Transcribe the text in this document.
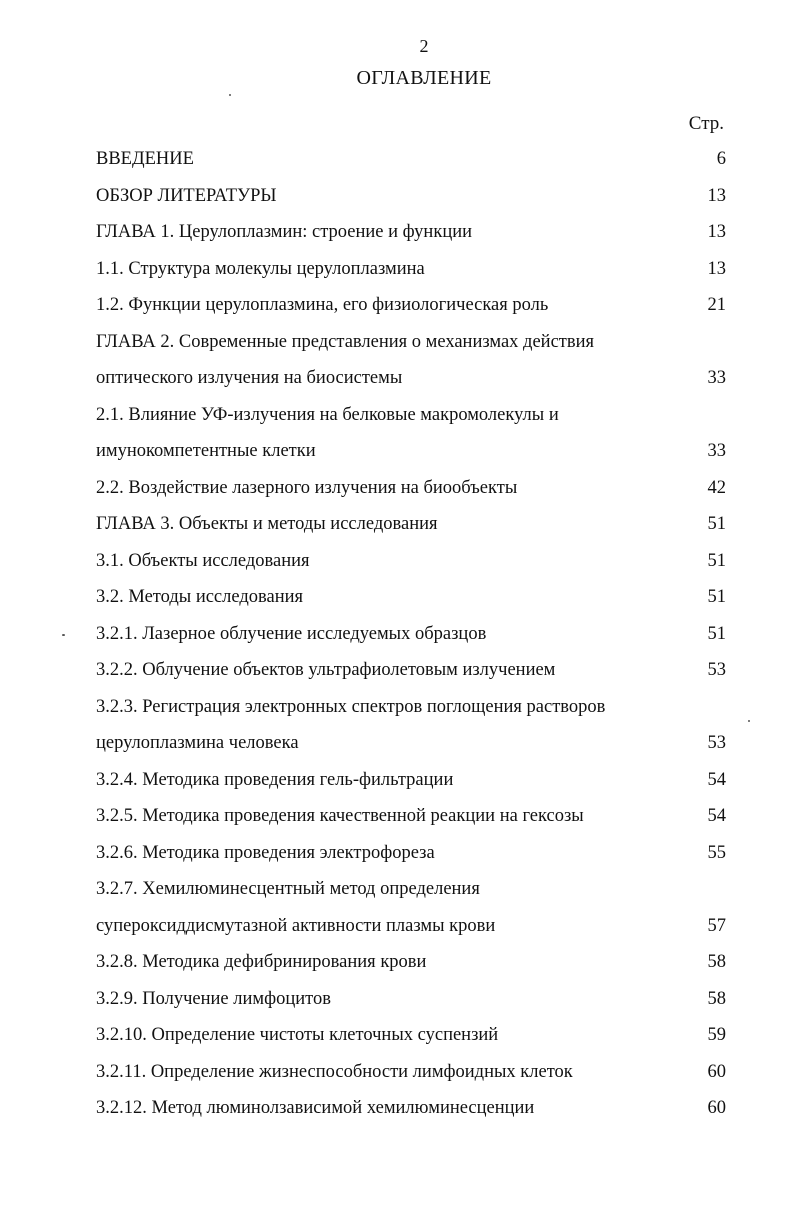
2
ОГЛАВЛЕНИЕ
Стр.
ВВЕДЕНИЕ	6
ОБЗОР ЛИТЕРАТУРЫ	13
ГЛАВА 1. Церулоплазмин: строение и функции	13
1.1. Структура молекулы церулоплазмина	13
1.2. Функции церулоплазмина, его физиологическая роль	21
ГЛАВА 2. Современные представления о механизмах действия
оптического излучения на биосистемы	33
2.1. Влияние УФ-излучения на белковые макромолекулы и
имунокомпетентные клетки	33
2.2. Воздействие лазерного излучения на биообъекты	42
ГЛАВА 3. Объекты и методы исследования	51
3.1. Объекты исследования	51
3.2. Методы исследования	51
3.2.1. Лазерное облучение исследуемых образцов	51
3.2.2. Облучение объектов ультрафиолетовым излучением	53
3.2.3. Регистрация электронных спектров поглощения растворов
церулоплазмина человека	53
3.2.4. Методика проведения гель-фильтрации	54
3.2.5. Методика проведения качественной реакции на гексозы	54
3.2.6. Методика проведения электрофореза	55
3.2.7. Хемилюминесцентный метод определения
супероксиддисмутазной активности плазмы крови	57
3.2.8. Методика дефибринирования крови	58
3.2.9. Получение лимфоцитов	58
3.2.10. Определение чистоты клеточных суспензий	59
3.2.11. Определение жизнеспособности лимфоидных клеток	60
3.2.12. Метод люминолзависимой хемилюминесценции	60
